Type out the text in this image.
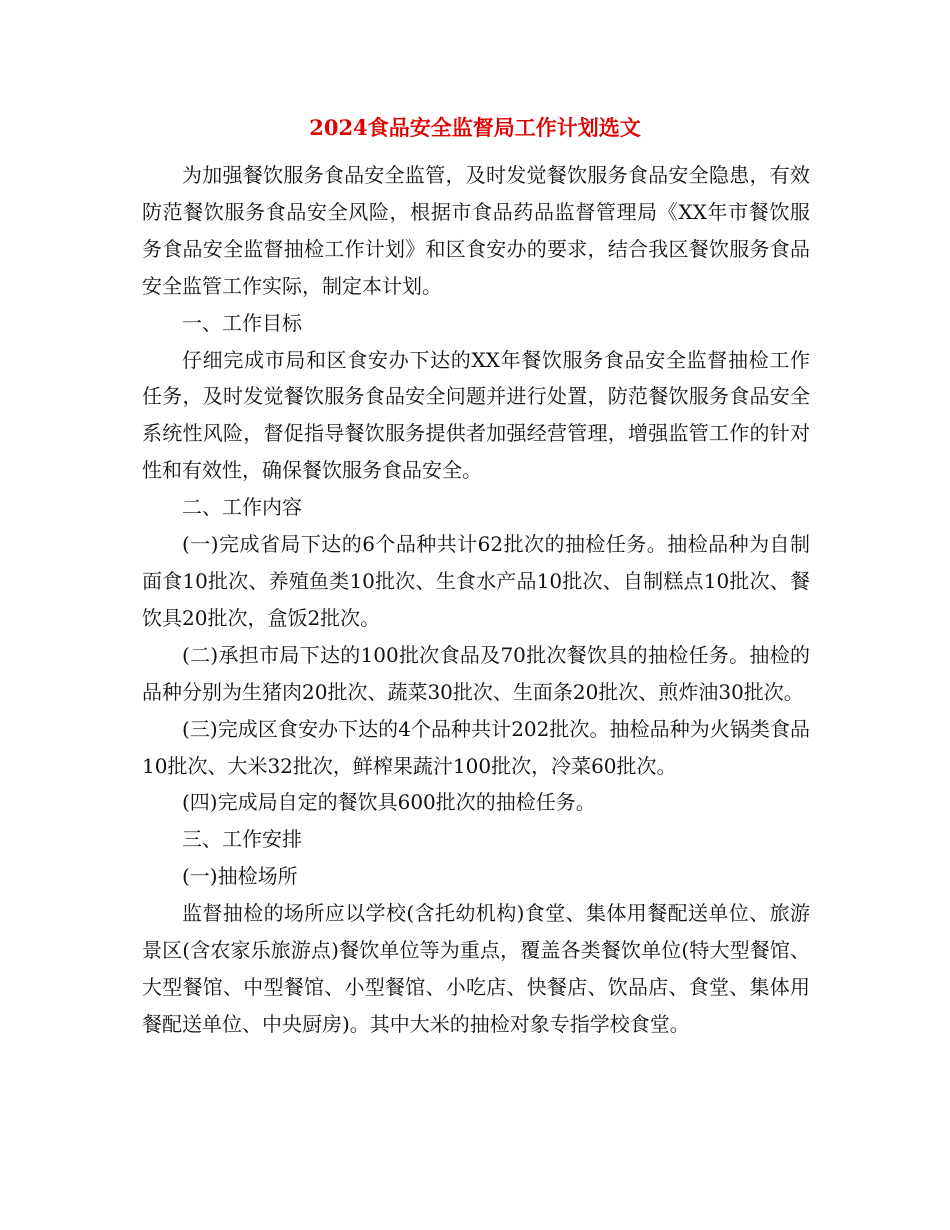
2024食品安全监督局工作计划选文

为加强餐饮服务食品安全监管，及时发觉餐饮服务食品安全隐患，有效防范餐饮服务食品安全风险，根据市食品药品监督管理局《XX年市餐饮服务食品安全监督抽检工作计划》和区食安办的要求，结合我区餐饮服务食品安全监管工作实际，制定本计划。

一、工作目标

仔细完成市局和区食安办下达的XX年餐饮服务食品安全监督抽检工作任务，及时发觉餐饮服务食品安全问题并进行处置，防范餐饮服务食品安全系统性风险，督促指导餐饮服务提供者加强经营管理，增强监管工作的针对性和有效性，确保餐饮服务食品安全。

二、工作内容

(一)完成省局下达的6个品种共计62批次的抽检任务。抽检品种为自制面食10批次、养殖鱼类10批次、生食水产品10批次、自制糕点10批次、餐饮具20批次，盒饭2批次。

(二)承担市局下达的100批次食品及70批次餐饮具的抽检任务。抽检的品种分别为生猪肉20批次、蔬菜30批次、生面条20批次、煎炸油30批次。

(三)完成区食安办下达的4个品种共计202批次。抽检品种为火锅类食品10批次、大米32批次，鲜榨果蔬汁100批次，冷菜60批次。

(四)完成局自定的餐饮具600批次的抽检任务。

三、工作安排

(一)抽检场所

监督抽检的场所应以学校(含托幼机构)食堂、集体用餐配送单位、旅游景区(含农家乐旅游点)餐饮单位等为重点，覆盖各类餐饮单位(特大型餐馆、大型餐馆、中型餐馆、小型餐馆、小吃店、快餐店、饮品店、食堂、集体用餐配送单位、中央厨房)。其中大米的抽检对象专指学校食堂。
